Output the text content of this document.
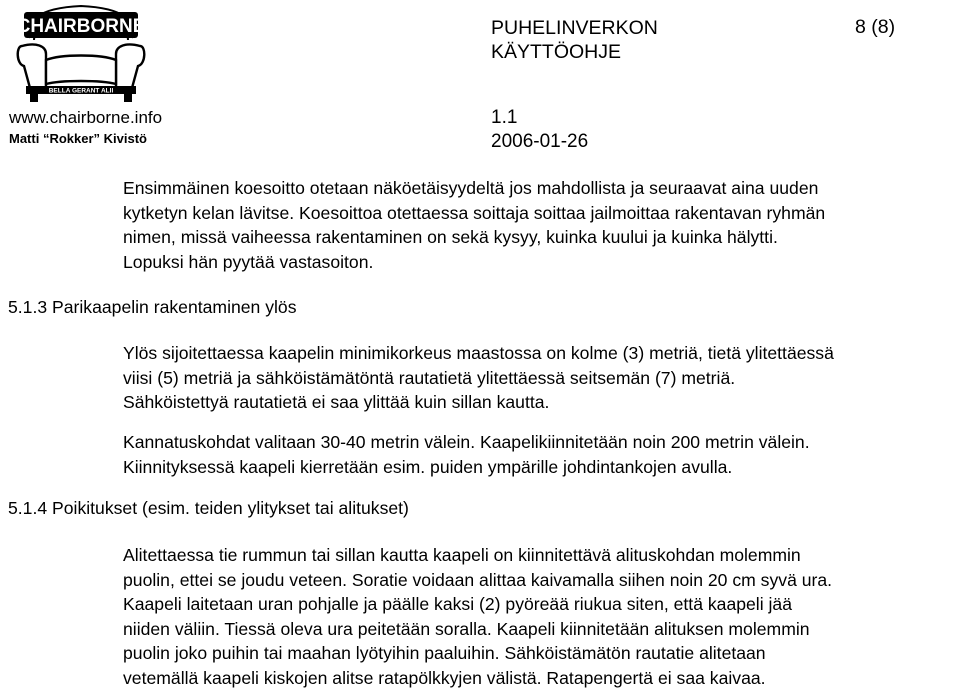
CHAIRBORNE
BELLA GERANT ALII
www.chairborne.info
Matti “Rokker” Kivistö
PUHELINVERKON
KÄYTTÖOHJE
8 (8)
1.1
2006-01-26
Ensimmäinen koesoitto otetaan näköetäisyydeltä jos mahdollista ja seuraavat aina uuden
kytketyn kelan lävitse. Koesoittoa otettaessa soittaja soittaa jailmoittaa rakentavan ryhmän
nimen, missä vaiheessa rakentaminen on sekä kysyy, kuinka kuului ja kuinka hälytti.
Lopuksi hän pyytää vastasoiton.
5.1.3 Parikaapelin rakentaminen ylös
Ylös sijoitettaessa kaapelin minimikorkeus maastossa on kolme (3) metriä, tietä ylitettäessä
viisi (5) metriä ja sähköistämätöntä rautatietä ylitettäessä seitsemän (7) metriä.
Sähköistettyä rautatietä ei saa ylittää kuin sillan kautta.
Kannatuskohdat valitaan 30-40 metrin välein. Kaapelikiinnitetään noin 200 metrin välein.
Kiinnityksessä kaapeli kierretään esim. puiden ympärille johdintankojen avulla.
5.1.4 Poikitukset (esim. teiden ylitykset tai alitukset)
Alitettaessa tie rummun tai sillan kautta kaapeli on kiinnitettävä alituskohdan molemmin
puolin, ettei se joudu veteen. Soratie voidaan alittaa kaivamalla siihen noin 20 cm syvä ura.
Kaapeli laitetaan uran pohjalle ja päälle kaksi (2) pyöreää riukua siten, että kaapeli jää
niiden väliin. Tiessä oleva ura peitetään soralla. Kaapeli kiinnitetään alituksen molemmin
puolin joko puihin tai maahan lyötyihin paaluihin. Sähköistämätön rautatie alitetaan
vetemällä kaapeli kiskojen alitse ratapölkkyjen välistä. Ratapengertä ei saa kaivaa.
